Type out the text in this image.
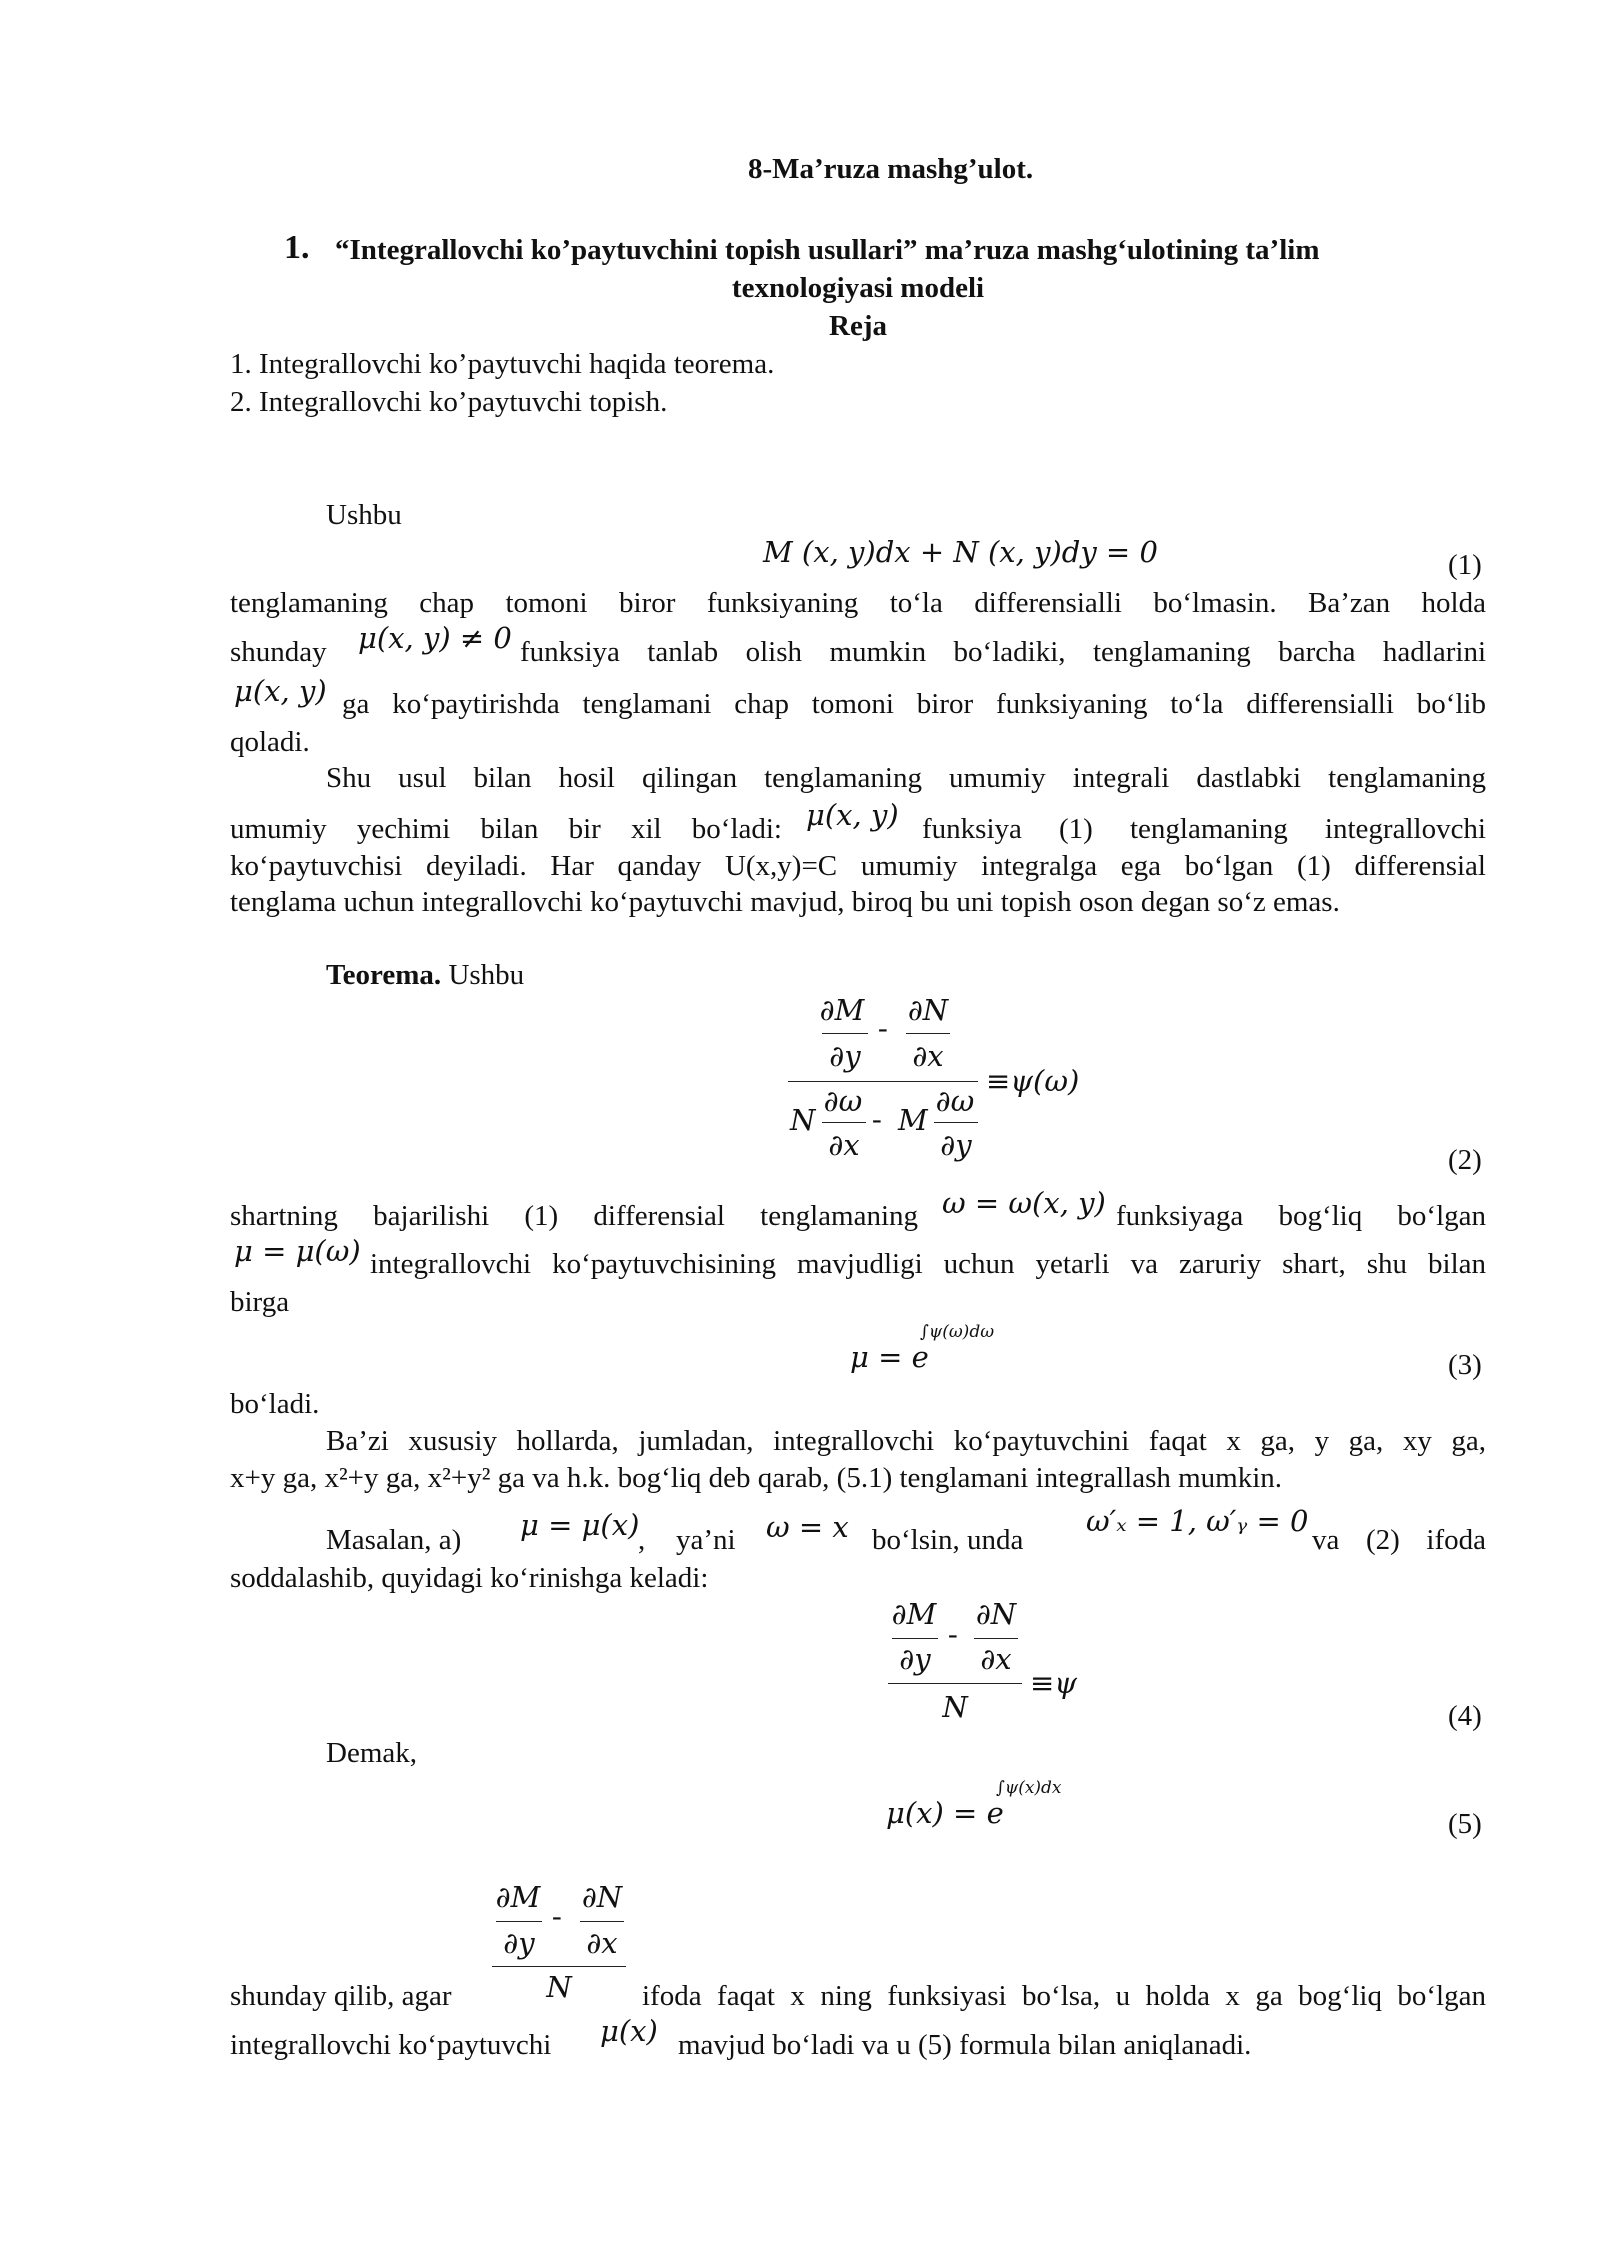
8-Ma’ruza mashg’ulot.
1. “Integrallovchi ko’paytuvchini topish usullari” ma’ruza mashg‘ulotining ta’lim
texnologiyasi modeli
Reja
1. Integrallovchi ko’paytuvchi haqida teorema.
2. Integrallovchi ko’paytuvchi topish.
Ushbu
M (x, y)dx + N (x, y)dy = 0	(1)
tenglamaning chap tomoni biror funksiyaning to‘la differensialli bo‘lmasin. Ba’zan holda
shunday μ(x, y) ≠ 0 funksiya tanlab olish mumkin bo‘ladiki, tenglamaning barcha hadlarini
μ(x, y) ga ko‘paytirishda tenglamani chap tomoni biror funksiyaning to‘la differensialli bo‘lib
qoladi.
Shu usul bilan hosil qilingan tenglamaning umumiy integrali dastlabki tenglamaning
umumiy yechimi bilan bir xil bo‘ladi: μ(x, y) funksiya (1) tenglamaning integrallovchi
ko‘paytuvchisi deyiladi. Har qanday U(x,y)=C umumiy integralga ega bo‘lgan (1) differensial
tenglama uchun integrallovchi ko‘paytuvchi mavjud, biroq bu uni topish oson degan so‘z emas.
Teorema. Ushbu
∂M
∂y
-
∂N
∂x
N
∂ω
∂x
- M
∂ω
∂y
≡ψ(ω)
(2)
shartning bajarilishi (1) differensial tenglamaning ω = ω(x, y) funksiyaga bog‘liq bo‘lgan
μ = μ(ω) integrallovchi ko‘paytuvchisining mavjudligi uchun yetarli va zaruriy shart, shu bilan
birga
μ = e
∫ψ(ω)dω
(3)
bo‘ladi.
Ba’zi xususiy hollarda, jumladan, integrallovchi ko‘paytuvchini faqat x ga, y ga, xy ga,
x+y ga, x²+y ga, x²+y² ga va h.k. bog‘liq deb qarab, (5.1) tenglamani integrallash mumkin.
Masalan, a) μ = μ(x)
, ya’ni ω = x bo‘lsin, unda
ω′ₓ = 1, ω′ᵧ = 0
va (2) ifoda
soddalashib, quyidagi ko‘rinishga keladi:
∂M
∂y
-
∂N
∂x
N
≡ψ
(4)
Demak,
μ(x) = e
∫ψ(x)dx
(5)
∂M
∂y
-
∂N
∂x
N
shunday qilib, agar	ifoda faqat x ning funksiyasi bo‘lsa, u holda x ga bog‘liq bo‘lgan
integrallovchi ko‘paytuvchi μ(x) mavjud bo‘ladi va u (5) formula bilan aniqlanadi.
